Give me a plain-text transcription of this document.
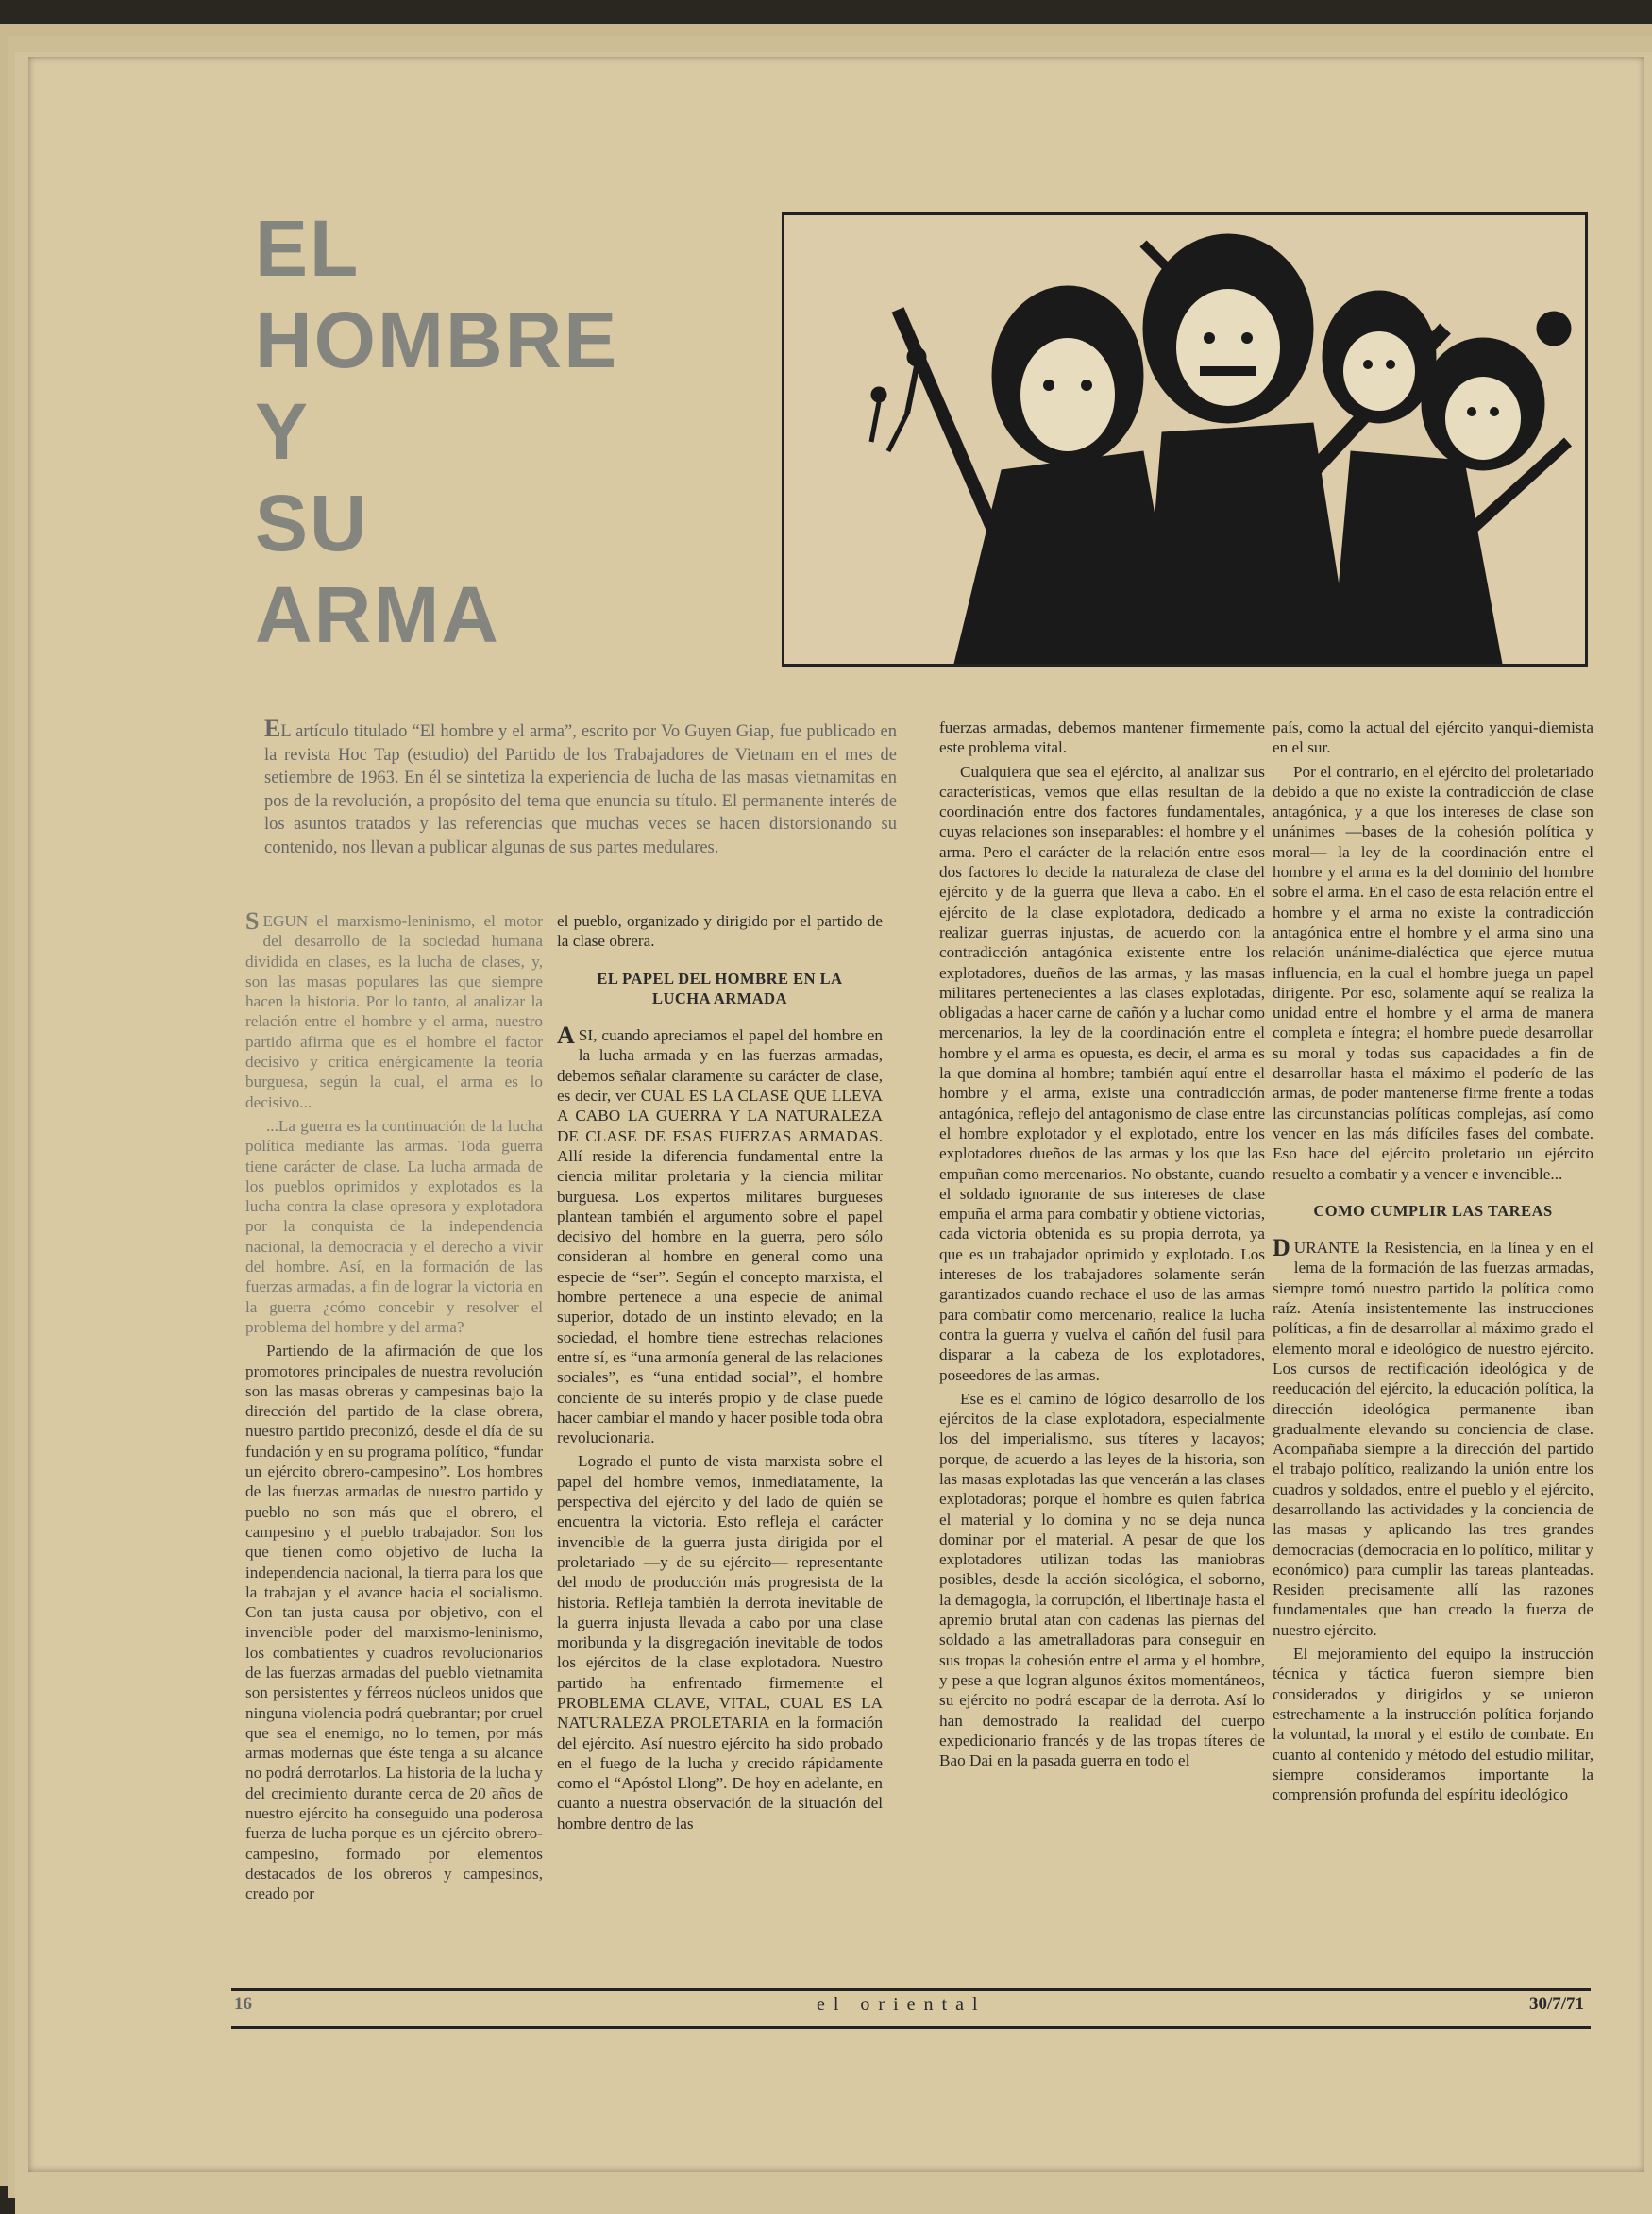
EL
HOMBRE
Y
SU
ARMA	Focho71
EL artículo titulado “El hombre y el arma”, escrito por Vo Guyen Giap, fue publicado en la revista Hoc Tap (estudio) del Partido de los Trabajadores de Vietnam en el mes de setiembre de 1963. En él se sintetiza la experiencia de lucha de las masas vietnamitas en pos de la revolución, a propósito del tema que enuncia su título. El permanente interés de los asuntos tratados y las referencias que muchas veces se hacen distorsionando su contenido, nos llevan a publicar algunas de sus partes medulares.

SEGUN el marxismo-leninismo, el motor del desarrollo de la sociedad humana dividida en clases, es la lucha de clases, y, son las masas populares las que siempre hacen la historia. Por lo tanto, al analizar la relación entre el hombre y el arma, nuestro partido afirma que es el hombre el factor decisivo y critica enérgicamente la teoría burguesa, según la cual, el arma es lo decisivo...

...La guerra es la continuación de la lucha política mediante las armas. Toda guerra tiene carácter de clase. La lucha armada de los pueblos oprimidos y explotados es la lucha contra la clase opresora y explotadora por la conquista de la independencia nacional, la democracia y el derecho a vivir del hombre. Así, en la formación de las fuerzas armadas, a fin de lograr la victoria en la guerra ¿cómo concebir y resolver el problema del hombre y del arma?

Partiendo de la afirmación de que los promotores principales de nuestra revolución son las masas obreras y campesinas bajo la dirección del partido de la clase obrera, nuestro partido preconizó, desde el día de su fundación y en su programa político, “fundar un ejército obrero-campesino”. Los hombres de las fuerzas armadas de nuestro partido y pueblo no son más que el obrero, el campesino y el pueblo trabajador. Son los que tienen como objetivo de lucha la independencia nacional, la tierra para los que la trabajan y el avance hacia el socialismo. Con tan justa causa por objetivo, con el invencible poder del marxismo-leninismo, los combatientes y cuadros revolucionarios de las fuerzas armadas del pueblo vietnamita son persistentes y férreos núcleos unidos que ninguna violencia podrá quebrantar; por cruel que sea el enemigo, no lo temen, por más armas modernas que éste tenga a su alcance no podrá derrotarlos. La historia de la lucha y del crecimiento durante cerca de 20 años de nuestro ejército ha conseguido una poderosa fuerza de lucha porque es un ejército obrero-campesino, formado por elementos destacados de los obreros y campesinos, creado por

el pueblo, organizado y dirigido por el partido de la clase obrera.

EL PAPEL DEL HOMBRE EN LA LUCHA ARMADA

ASI, cuando apreciamos el papel del hombre en la lucha armada y en las fuerzas armadas, debemos señalar claramente su carácter de clase, es decir, ver CUAL ES LA CLASE QUE LLEVA A CABO LA GUERRA Y LA NATURALEZA DE CLASE DE ESAS FUERZAS ARMADAS. Allí reside la diferencia fundamental entre la ciencia militar proletaria y la ciencia militar burguesa. Los expertos militares burgueses plantean también el argumento sobre el papel decisivo del hombre en la guerra, pero sólo consideran al hombre en general como una especie de “ser”. Según el concepto marxista, el hombre pertenece a una especie de animal superior, dotado de un instinto elevado; en la sociedad, el hombre tiene estrechas relaciones entre sí, es “una armonía general de las relaciones sociales”, es “una entidad social”, el hombre conciente de su interés propio y de clase puede hacer cambiar el mando y hacer posible toda obra revolucionaria.

Logrado el punto de vista marxista sobre el papel del hombre vemos, inmediatamente, la perspectiva del ejército y del lado de quién se encuentra la victoria. Esto refleja el carácter invencible de la guerra justa dirigida por el proletariado —y de su ejército— representante del modo de producción más progresista de la historia. Refleja también la derrota inevitable de la guerra injusta llevada a cabo por una clase moribunda y la disgregación inevitable de todos los ejércitos de la clase explotadora. Nuestro partido ha enfrentado firmemente el PROBLEMA CLAVE, VITAL, CUAL ES LA NATURALEZA PROLETARIA en la formación del ejército. Así nuestro ejército ha sido probado en el fuego de la lucha y crecido rápidamente como el “Apóstol Llong”. De hoy en adelante, en cuanto a nuestra observación de la situación del hombre dentro de las

fuerzas armadas, debemos mantener firmemente este problema vital.

Cualquiera que sea el ejército, al analizar sus características, vemos que ellas resultan de la coordinación entre dos factores fundamentales, cuyas relaciones son inseparables: el hombre y el arma. Pero el carácter de la relación entre esos dos factores lo decide la naturaleza de clase del ejército y de la guerra que lleva a cabo. En el ejército de la clase explotadora, dedicado a realizar guerras injustas, de acuerdo con la contradicción antagónica existente entre los explotadores, dueños de las armas, y las masas militares pertenecientes a las clases explotadas, obligadas a hacer carne de cañón y a luchar como mercenarios, la ley de la coordinación entre el hombre y el arma es opuesta, es decir, el arma es la que domina al hombre; también aquí entre el hombre y el arma, existe una contradicción antagónica, reflejo del antagonismo de clase entre el hombre explotador y el explotado, entre los explotadores dueños de las armas y los que las empuñan como mercenarios. No obstante, cuando el soldado ignorante de sus intereses de clase empuña el arma para combatir y obtiene victorias, cada victoria obtenida es su propia derrota, ya que es un trabajador oprimido y explotado. Los intereses de los trabajadores solamente serán garantizados cuando rechace el uso de las armas para combatir como mercenario, realice la lucha contra la guerra y vuelva el cañón del fusil para disparar a la cabeza de los explotadores, poseedores de las armas.

Ese es el camino de lógico desarrollo de los ejércitos de la clase explotadora, especialmente los del imperialismo, sus títeres y lacayos; porque, de acuerdo a las leyes de la historia, son las masas explotadas las que vencerán a las clases explotadoras; porque el hombre es quien fabrica el material y lo domina y no se deja nunca dominar por el material. A pesar de que los explotadores utilizan todas las maniobras posibles, desde la acción sicológica, el soborno, la demagogia, la corrupción, el libertinaje hasta el apremio brutal atan con cadenas las piernas del soldado a las ametralladoras para conseguir en sus tropas la cohesión entre el arma y el hombre, y pese a que logran algunos éxitos momentáneos, su ejército no podrá escapar de la derrota. Así lo han demostrado la realidad del cuerpo expedicionario francés y de las tropas títeres de Bao Dai en la pasada guerra en todo el

país, como la actual del ejército yanqui-diemista en el sur.

Por el contrario, en el ejército del proletariado debido a que no existe la contradicción de clase antagónica, y a que los intereses de clase son unánimes —bases de la cohesión política y moral— la ley de la coordinación entre el hombre y el arma es la del dominio del hombre sobre el arma. En el caso de esta relación entre el hombre y el arma no existe la contradicción antagónica entre el hombre y el arma sino una relación unánime-dialéctica que ejerce mutua influencia, en la cual el hombre juega un papel dirigente. Por eso, solamente aquí se realiza la unidad entre el hombre y el arma de manera completa e íntegra; el hombre puede desarrollar su moral y todas sus capacidades a fin de desarrollar hasta el máximo el poderío de las armas, de poder mantenerse firme frente a todas las circunstancias políticas complejas, así como vencer en las más difíciles fases del combate. Eso hace del ejército proletario un ejército resuelto a combatir y a vencer e invencible...

COMO CUMPLIR LAS TAREAS

DURANTE la Resistencia, en la línea y en el lema de la formación de las fuerzas armadas, siempre tomó nuestro partido la política como raíz. Atenía insistentemente las instrucciones políticas, a fin de desarrollar al máximo grado el elemento moral e ideológico de nuestro ejército. Los cursos de rectificación ideológica y de reeducación del ejército, la educación política, la dirección ideológica permanente iban gradualmente elevando su conciencia de clase. Acompañaba siempre a la dirección del partido el trabajo político, realizando la unión entre los cuadros y soldados, entre el pueblo y el ejército, desarrollando las actividades y la conciencia de las masas y aplicando las tres grandes democracias (democracia en lo político, militar y económico) para cumplir las tareas planteadas. Residen precisamente allí las razones fundamentales que han creado la fuerza de nuestro ejército.

El mejoramiento del equipo la instrucción técnica y táctica fueron siempre bien considerados y dirigidos y se unieron estrechamente a la instrucción política forjando la voluntad, la moral y el estilo de combate. En cuanto al contenido y método del estudio militar, siempre consideramos importante la comprensión profunda del espíritu ideológico

16	el oriental	30/7/71
